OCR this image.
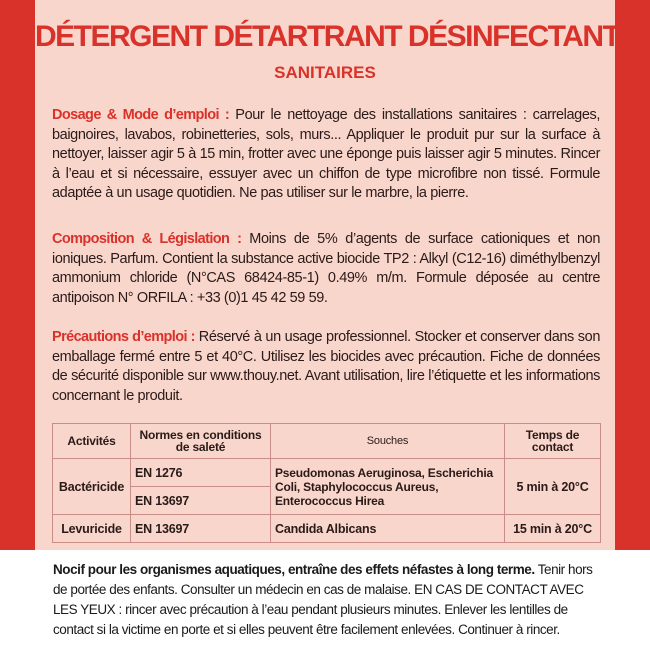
DÉTERGENT DÉTARTRANT DÉSINFECTANT
SANITAIRES

Dosage & Mode d’emploi : Pour le nettoyage des installations sanitaires : carrelages, baignoires, lavabos, robinetteries, sols, murs... Appliquer le produit pur sur la surface à nettoyer, laisser agir 5 à 15 min, frotter avec une éponge puis laisser agir 5 minutes. Rincer à l’eau et si nécessaire, essuyer avec un chiffon de type microfibre non tissé. Formule adaptée à un usage quotidien. Ne pas utiliser sur le marbre, la pierre.

Composition & Législation : Moins de 5% d’agents de surface cationiques et non ioniques. Parfum. Contient la substance active biocide TP2 : Alkyl (C12-16) diméthylbenzyl ammonium chloride (N°CAS 68424-85-1) 0.49% m/m. Formule déposée au centre antipoison N° ORFILA : +33 (0)1 45 42 59 59.

Précautions d’emploi : Réservé à un usage professionnel. Stocker et conserver dans son emballage fermé entre 5 et 40°C. Utilisez les biocides avec précaution. Fiche de données de sécurité disponible sur www.thouy.net. Avant utilisation, lire l’étiquette et les informations concernant le produit.

Activités	Normes en conditions de saleté	Souches	Temps de contact
Bactéricide	EN 1276	Pseudomonas Aeruginosa, Escherichia Coli, Staphylococcus Aureus, Enterococcus Hirea	5 min à 20°C
	EN 13697		
Levuricide	EN 13697	Candida Albicans	15 min à 20°C

Nocif pour les organismes aquatiques, entraîne des effets néfastes à long terme. Tenir hors de portée des enfants. Consulter un médecin en cas de malaise. EN CAS DE CONTACT AVEC LES YEUX : rincer avec précaution à l’eau pendant plusieurs minutes. Enlever les lentilles de contact si la victime en porte et si elles peuvent être facilement enlevées. Continuer à rincer.
